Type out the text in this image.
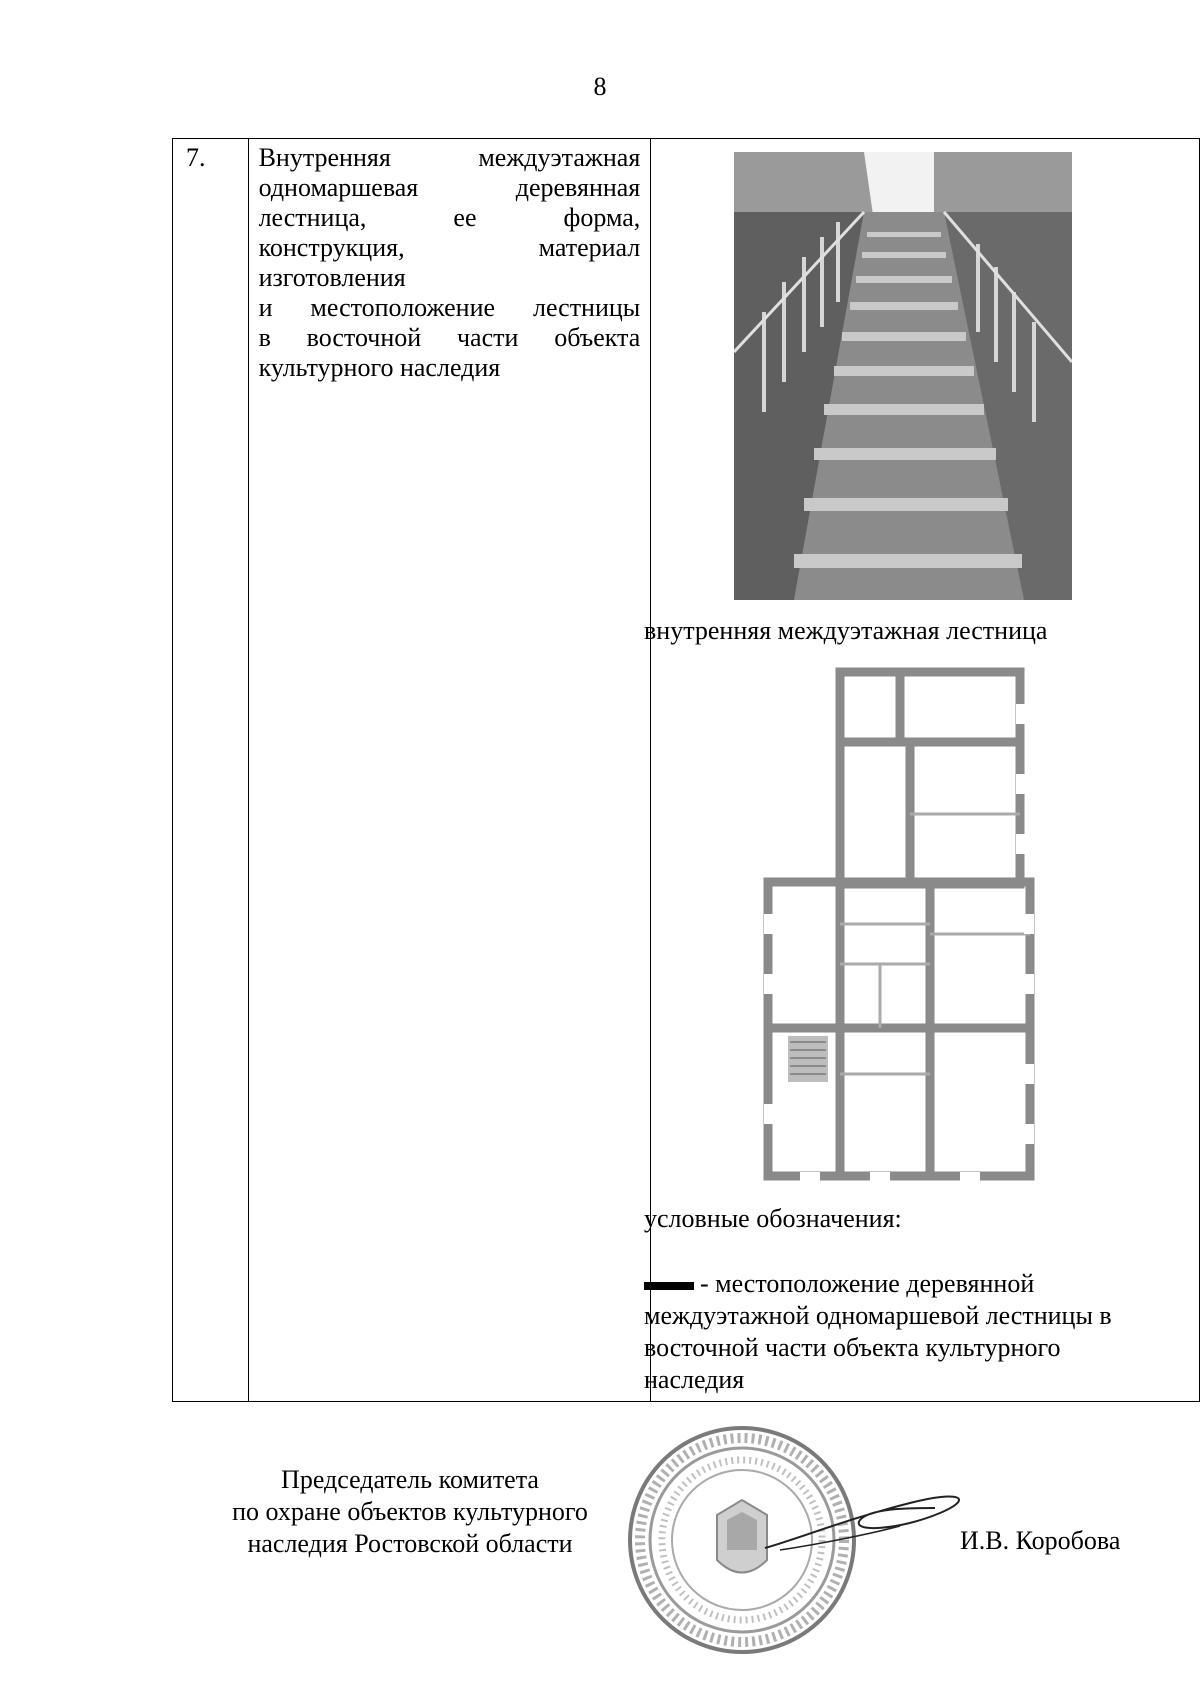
8
7.	Внутренняя междуэтажная
одномаршевая деревянная
лестница, ее форма,
конструкция, материал
изготовления
и местоположение лестницы
в восточной части объекта
культурного наследия

внутренняя междуэтажная лестница
условные обозначения:
- местоположение деревянной междуэтажной одномаршевой лестницы в восточной части объекта культурного наследия
Председатель комитета
по охране объектов культурного
наследия Ростовской области	И.В. Коробова
